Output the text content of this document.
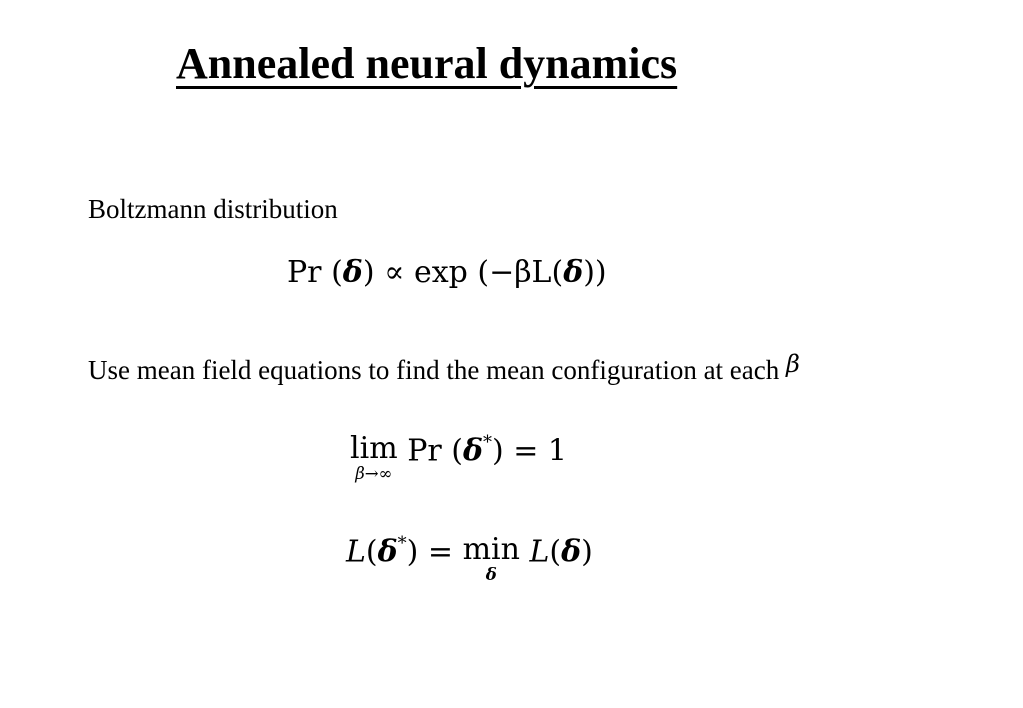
Annealed neural dynamics
Boltzmann distribution
Pr (δ) ∝ exp (−βL(δ))
Use mean field equations to find the mean configuration at each β
lim
β→∞
Pr (δ*) = 1
L(δ*) = min
δ
L(δ)
